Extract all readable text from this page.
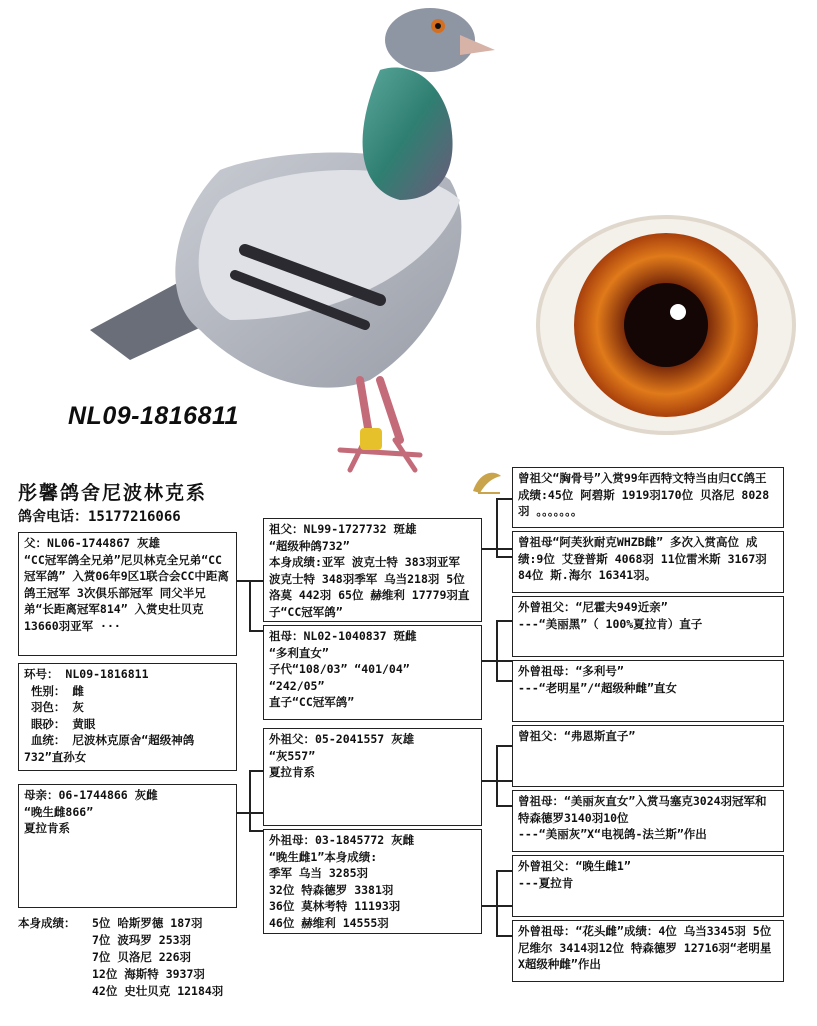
NL09-1816811
彤馨鸽舍尼波林克系
鸽舍电话：15177216066
父：NL06-1744867 灰雄
“CC冠军鸽全兄弟”尼贝林克全兄弟“CC冠军鸽” 入赏06年9区1联合会CC中距离鸽王冠军 3次俱乐部冠军 同父半兄弟“长距离冠军814” 入赏史壮贝克13660羽亚军 ···
环号： NL09-1816811
性别： 雌
羽色： 灰
眼砂： 黄眼
血统： 尼波林克原舍“超级神鸽732”直孙女
母亲：06-1744866 灰雌
“晚生雌866”
夏拉肯系
本身成绩：	5位 哈斯罗德 187羽
7位 波玛罗 253羽
7位 贝洛尼 226羽
12位 海斯特 3937羽
42位 史壮贝克 12184羽
祖父：NL99-1727732 斑雄
“超级种鸽732”
本身成绩:亚军 波克士特 383羽亚军 波克士特 348羽季军 乌当218羽 5位 洛莫 442羽 65位 赫维利 17779羽直子“CC冠军鸽”
祖母：NL02-1040837 斑雌
“多利直女”
子代“108/03” “401/04”
“242/05”
直子“CC冠军鸽”
外祖父：05-2041557 灰雄
“灰557”
夏拉肯系
外祖母：03-1845772 灰雌
“晚生雌1”本身成绩:
季军 乌当 3285羽
32位 特森德罗 3381羽
36位 莫林考特 11193羽
46位 赫维利 14555羽
曾祖父“胸骨号”入赏99年西特文特当由归CC鸽王 成绩:45位 阿碧斯 1919羽170位 贝洛尼 8028羽 。。。。。。。
曾祖母“阿芙狄耐克WHZB雌” 多次入赏高位 成绩:9位 艾登普斯 4068羽 11位雷米斯 3167羽84位 斯.海尔 16341羽。
外曾祖父：“尼霍夫949近亲”
---“美丽黑”（ 100%夏拉肯）直子
外曾祖母：“多利号”
---“老明星”/“超级种雌”直女
曾祖父：“弗恩斯直子”
曾祖母：“美丽灰直女”入赏马塞克3024羽冠军和特森德罗3140羽10位
---“美丽灰”X“电视鸽-法兰斯”作出
外曾祖父：“晚生雌1”
---夏拉肯
外曾祖母：“花头雌”成绩：4位 乌当3345羽 5位 尼维尔 3414羽12位 特森德罗 12716羽“老明星X超级种雌”作出
